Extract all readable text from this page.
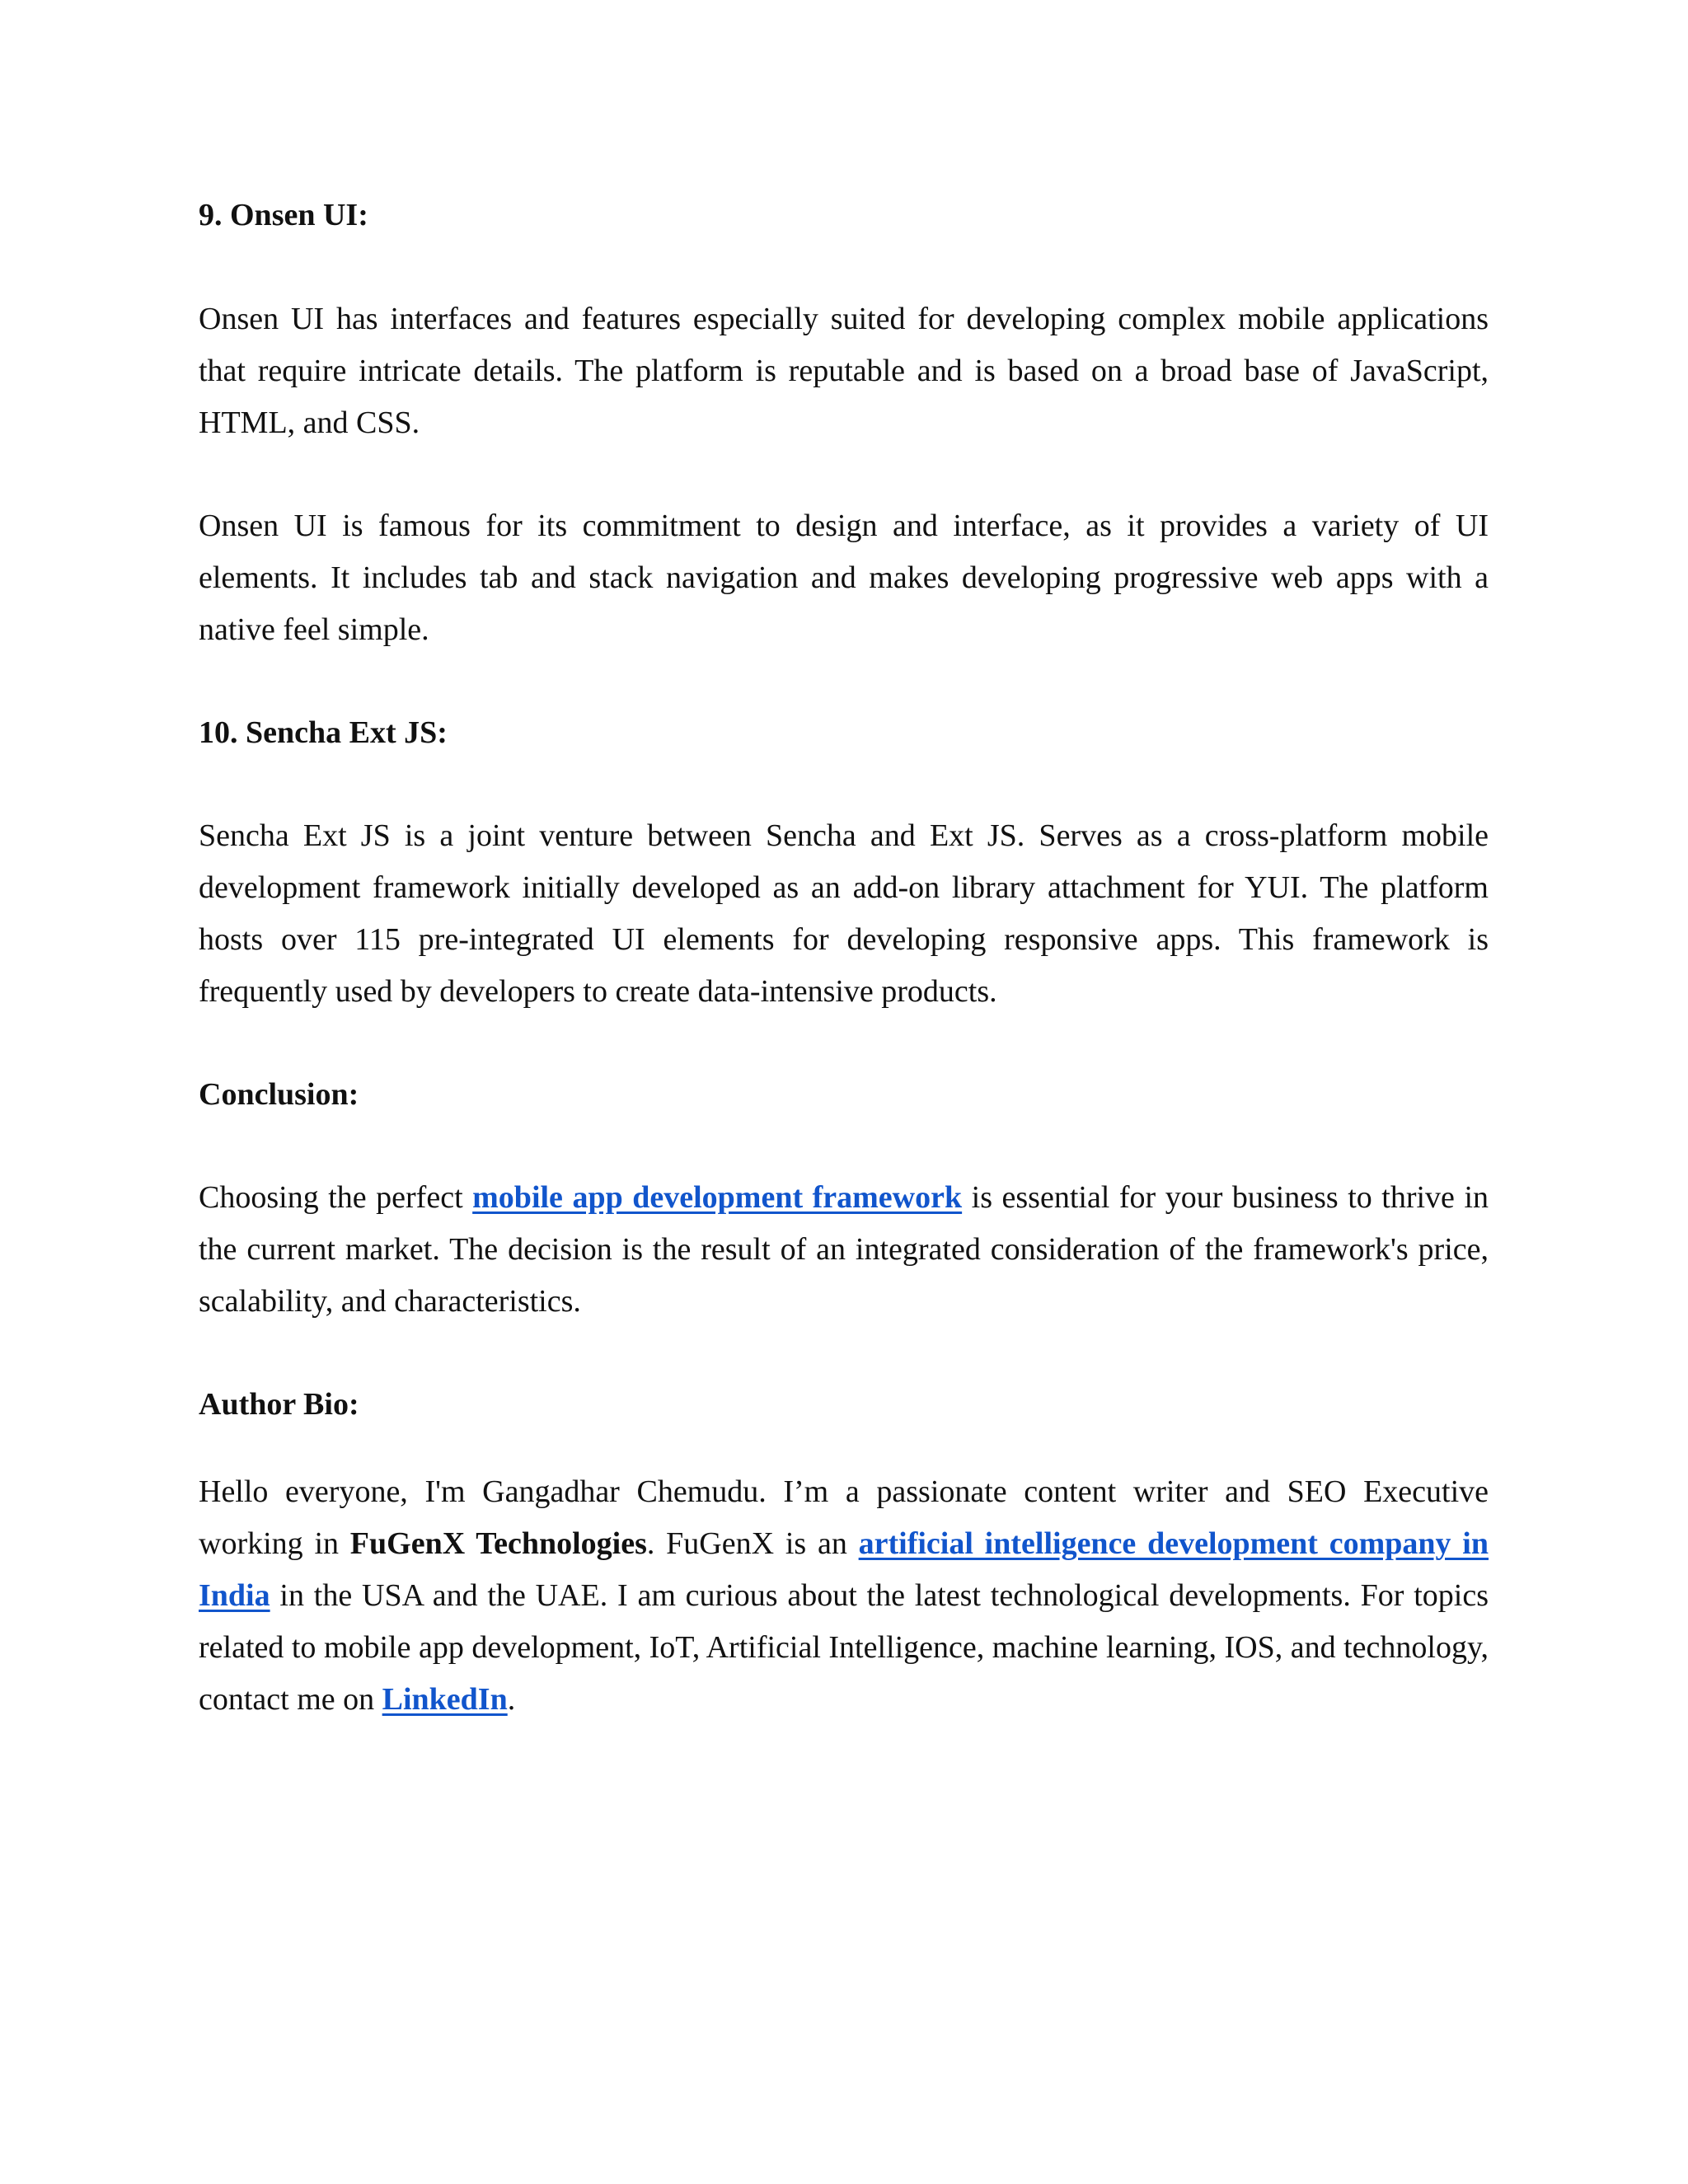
9. Onsen UI:

Onsen UI has interfaces and features especially suited for developing complex mobile applications that require intricate details. The platform is reputable and is based on a broad base of JavaScript, HTML, and CSS.

Onsen UI is famous for its commitment to design and interface, as it provides a variety of UI elements. It includes tab and stack navigation and makes developing progressive web apps with a native feel simple.

10. Sencha Ext JS:

Sencha Ext JS is a joint venture between Sencha and Ext JS. Serves as a cross-platform mobile development framework initially developed as an add-on library attachment for YUI. The platform hosts over 115 pre-integrated UI elements for developing responsive apps. This framework is frequently used by developers to create data-intensive products.

Conclusion:

Choosing the perfect mobile app development framework is essential for your business to thrive in the current market. The decision is the result of an integrated consideration of the framework's price, scalability, and characteristics.

Author Bio:

Hello everyone, I'm Gangadhar Chemudu. I’m a passionate content writer and SEO Executive working in FuGenX Technologies. FuGenX is an artificial intelligence development company in India in the USA and the UAE. I am curious about the latest technological developments. For topics related to mobile app development, IoT, Artificial Intelligence, machine learning, IOS, and technology, contact me on LinkedIn.
